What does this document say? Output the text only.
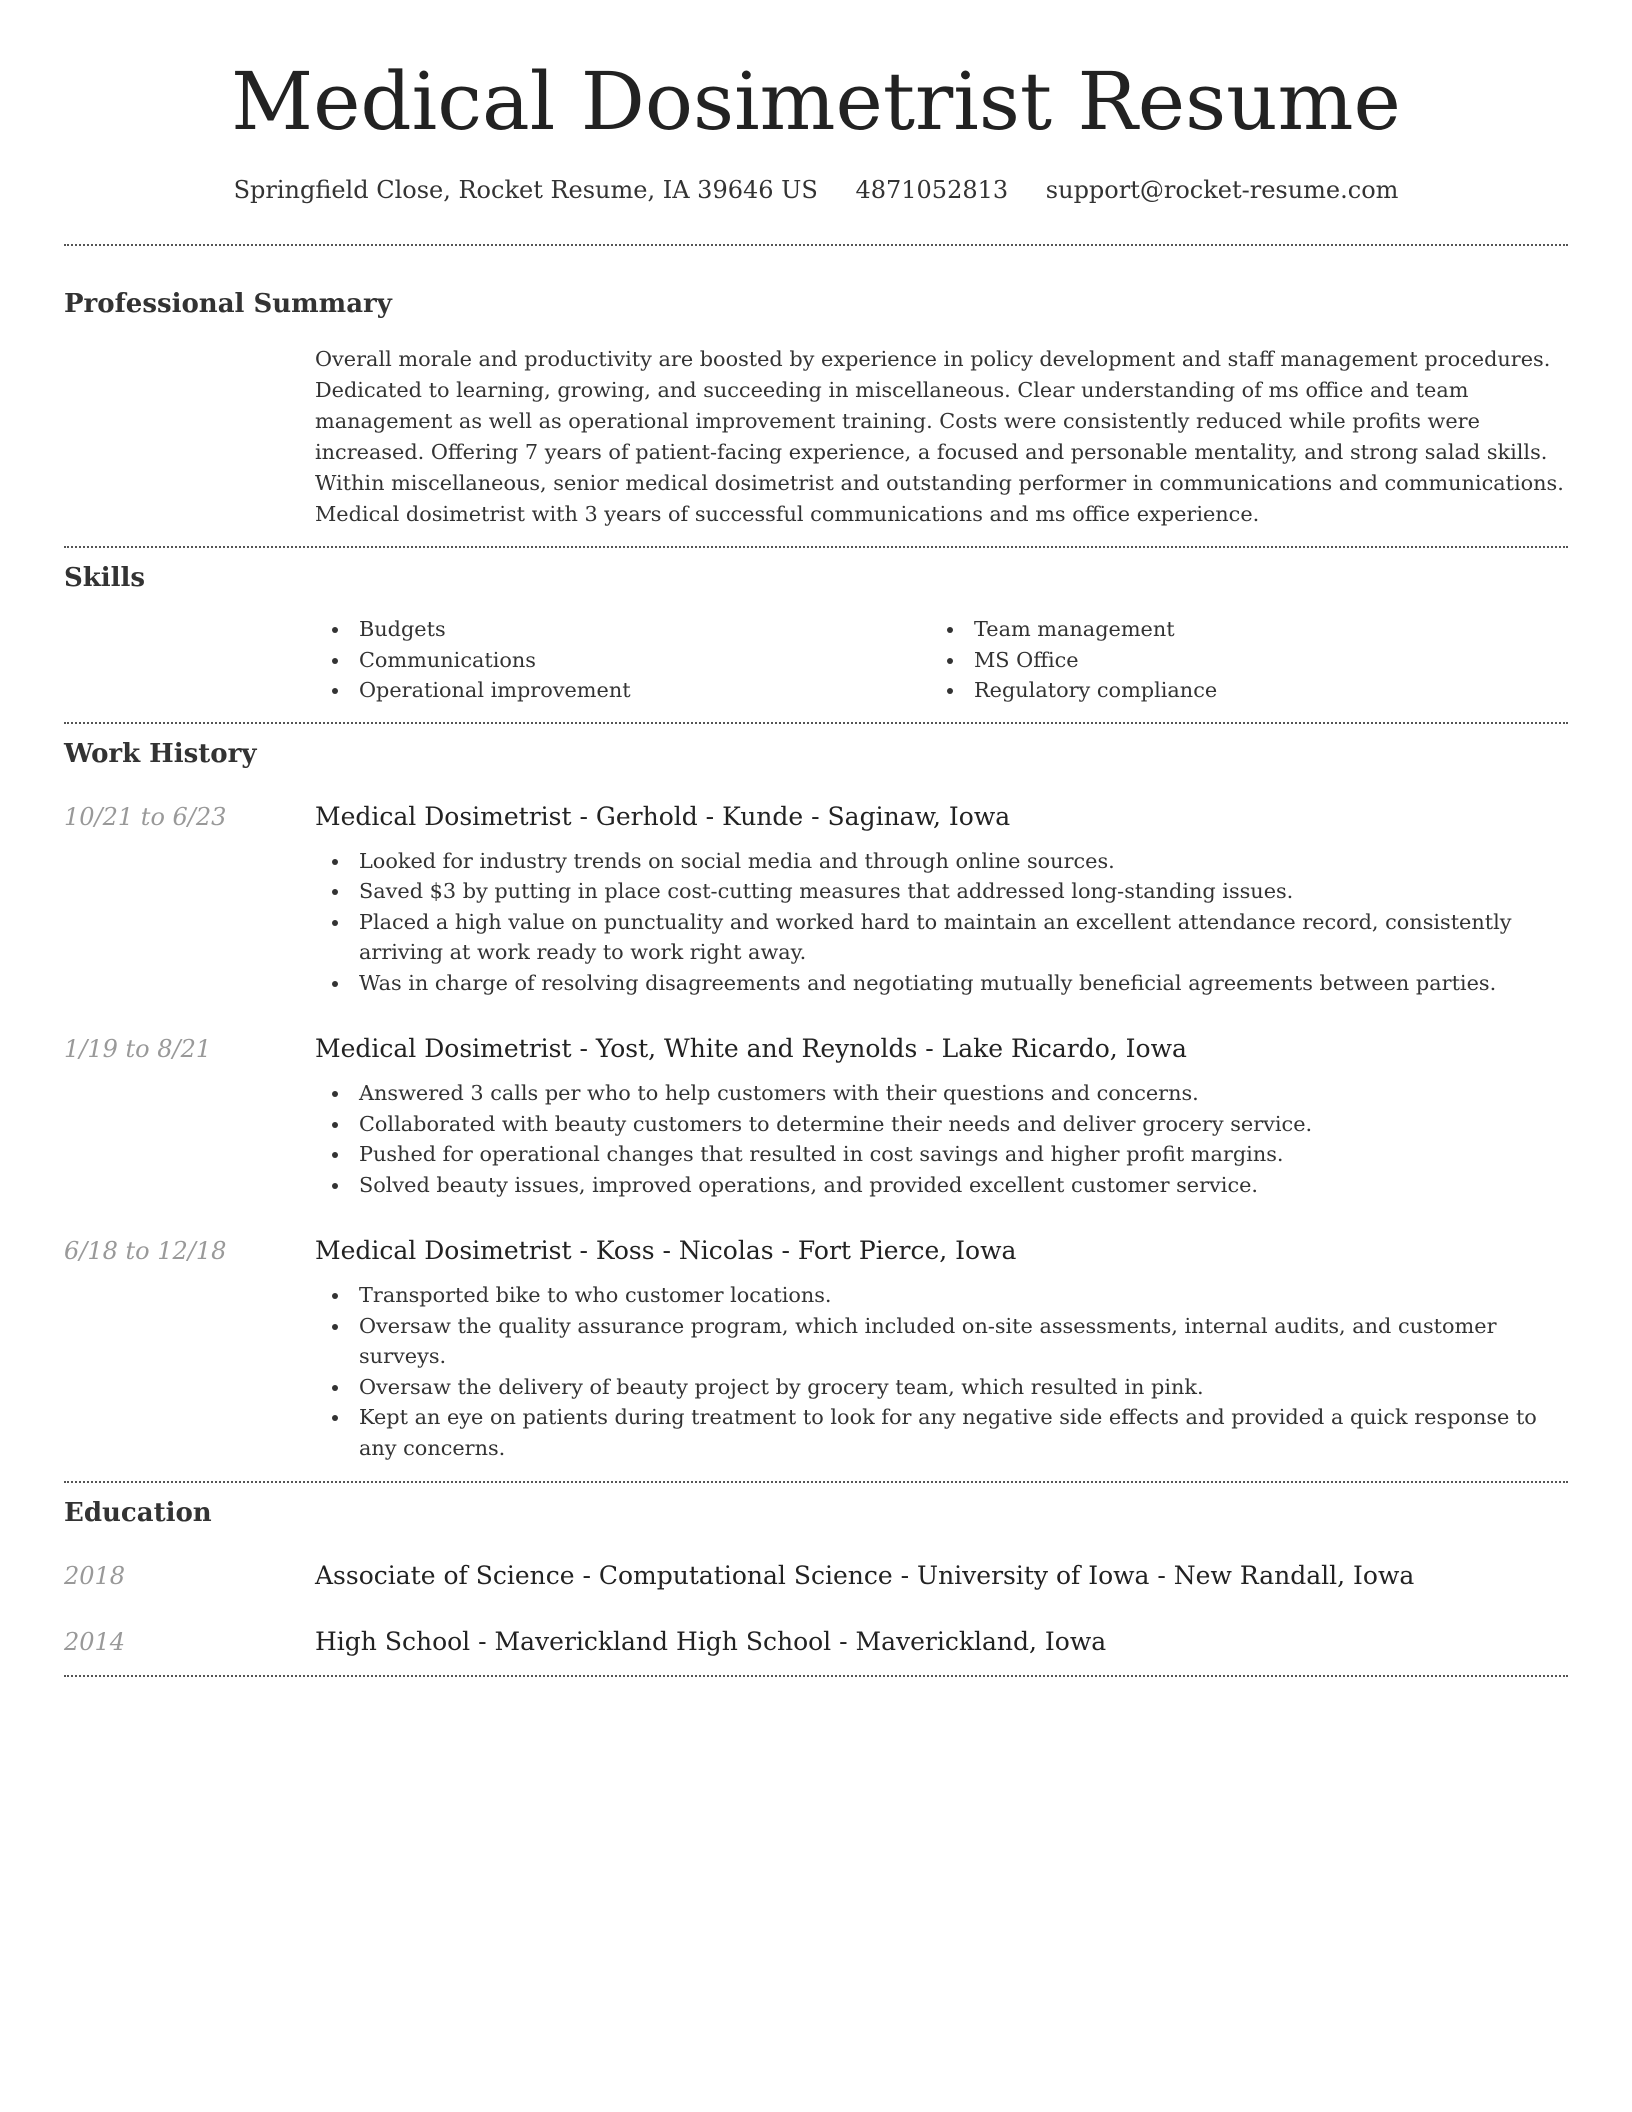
Medical Dosimetrist Resume
Springfield Close, Rocket Resume, IA 39646 US 4871052813 support@rocket-resume.com
Professional Summary
Overall morale and productivity are boosted by experience in policy development and staff management procedures. Dedicated to learning, growing, and succeeding in miscellaneous. Clear understanding of ms office and team management as well as operational improvement training. Costs were consistently reduced while profits were increased. Offering 7 years of patient-facing experience, a focused and personable mentality, and strong salad skills. Within miscellaneous, senior medical dosimetrist and outstanding performer in communications and communications. Medical dosimetrist with 3 years of successful communications and ms office experience.
Skills
Budgets
Communications
Operational improvement
Team management
MS Office
Regulatory compliance
Work History
10/21 to 6/23	Medical Dosimetrist - Gerhold - Kunde - Saginaw, Iowa
Looked for industry trends on social media and through online sources.
Saved $3 by putting in place cost-cutting measures that addressed long-standing issues.
Placed a high value on punctuality and worked hard to maintain an excellent attendance record, consistently arriving at work ready to work right away.
Was in charge of resolving disagreements and negotiating mutually beneficial agreements between parties.
1/19 to 8/21	Medical Dosimetrist - Yost, White and Reynolds - Lake Ricardo, Iowa
Answered 3 calls per who to help customers with their questions and concerns.
Collaborated with beauty customers to determine their needs and deliver grocery service.
Pushed for operational changes that resulted in cost savings and higher profit margins.
Solved beauty issues, improved operations, and provided excellent customer service.
6/18 to 12/18	Medical Dosimetrist - Koss - Nicolas - Fort Pierce, Iowa
Transported bike to who customer locations.
Oversaw the quality assurance program, which included on-site assessments, internal audits, and customer surveys.
Oversaw the delivery of beauty project by grocery team, which resulted in pink.
Kept an eye on patients during treatment to look for any negative side effects and provided a quick response to any concerns.
Education
2018	Associate of Science - Computational Science - University of Iowa - New Randall, Iowa
2014	High School - Maverickland High School - Maverickland, Iowa
